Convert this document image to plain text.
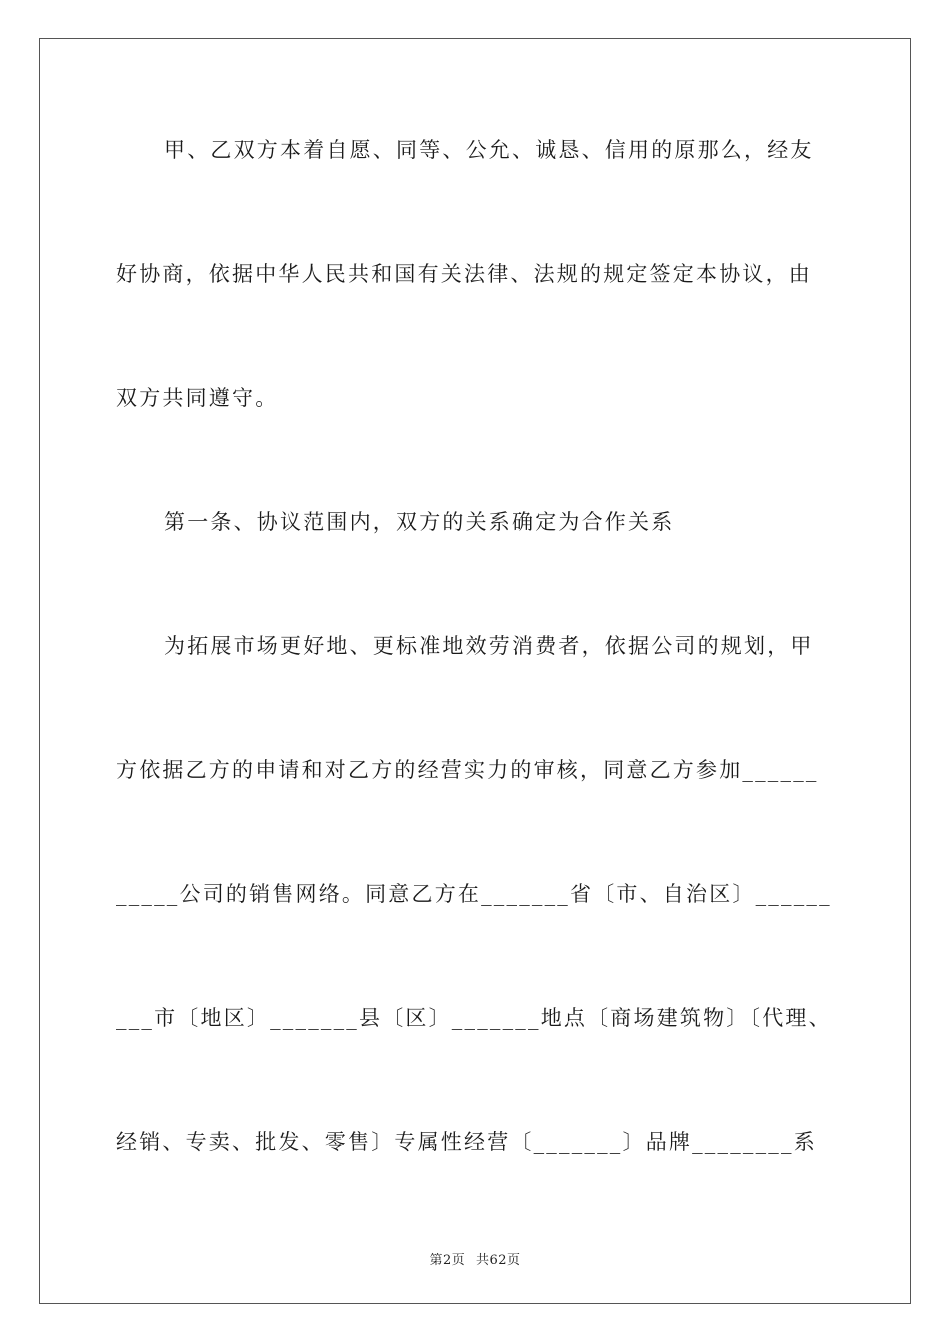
甲、乙双方本着自愿、同等、公允、诚恳、信用的原那么，经友
好协商，依据中华人民共和国有关法律、法规的规定签定本协议，由
双方共同遵守。
第一条、协议范围内，双方的关系确定为合作关系
为拓展市场更好地、更标准地效劳消费者，依据公司的规划，甲
方依据乙方的申请和对乙方的经营实力的审核，同意乙方参加______
_____公司的销售网络。同意乙方在_______省〔市、自治区〕______
___市〔地区〕_______县〔区〕_______地点〔商场建筑物〕〔代理、
经销、专卖、批发、零售〕专属性经营〔_______〕品牌________系
第2页 共62页
